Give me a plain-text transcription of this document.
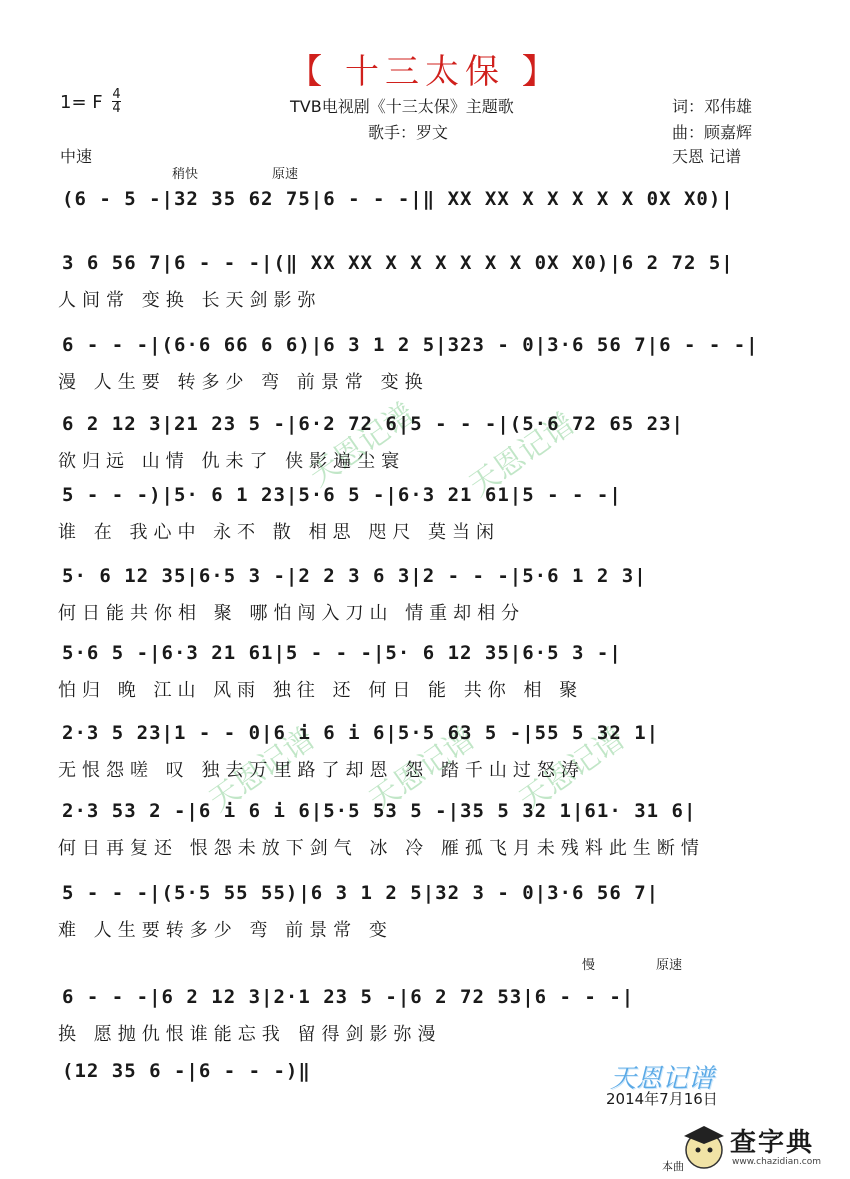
【 十三太保 】
1= F 4
4	TVB电视剧《十三太保》主题歌
歌手：罗文
词：邓伟雄
曲：顾嘉辉
天恩 记谱
中速
稍快	原速
慢	原速
天恩记谱
天恩记谱 天恩记谱
天恩记谱 天恩记谱
(6 - 5 -|32 35 62 75|6 - - -|‖ XX XX X X X X X 0X X0)|
3 6 56 7|6 - - -|(‖ XX XX X X X X X X 0X X0)|6 2 72 5|
人间常 变换 长天剑影弥
6 - - -|(6·6 66 6 6)|6 3 1 2 5|323 - 0|3·6 56 7|6 - - -|
漫 人生要 转多少 弯 前景常 变换
6 2 12 3|21 23 5 -|6·2 72 6|5 - - -|(5·6 72 65 23|
欲归远 山情 仇未了 侠影遍尘寰
5 - - -)|5· 6 1 23|5·6 5 -|6·3 21 61|5 - - -|
谁 在 我心中 永不 散 相思 咫尺 莫当闲
5· 6 12 35|6·5 3 -|2 2 3 6 3|2 - - -|5·6 1 2 3|
何日能共你相 聚 哪怕闯入刀山 情重却相分
5·6 5 -|6·3 21 61|5 - - -|5· 6 12 35|6·5 3 -|
怕归 晚 江山 风雨 独往 还 何日 能 共你 相 聚
2·3 5 23|1 - - 0|6 i 6 i 6|5·5 63 5 -|55 5 32 1|
无恨怨嗟 叹 独去万里路了却恩 怨 踏千山过怒涛
2·3 53 2 -|6 i 6 i 6|5·5 53 5 -|35 5 32 1|61· 31 6|
何日再复还 恨怨未放下剑气 冰 冷 雁孤飞月未残料此生断情
5 - - -|(5·5 55 55)|6 3 1 2 5|32 3 - 0|3·6 56 7|
难 人生要转多少 弯 前景常 变
6 - - -|6 2 12 3|2·1 23 5 -|6 2 72 53|6 - - -|
换 愿抛仇恨谁能忘我 留得剑影弥漫
(12 35 6 -|6 - - -)‖	天恩记谱
2014年7月16日
查字典
www.chazidian.com
本曲
